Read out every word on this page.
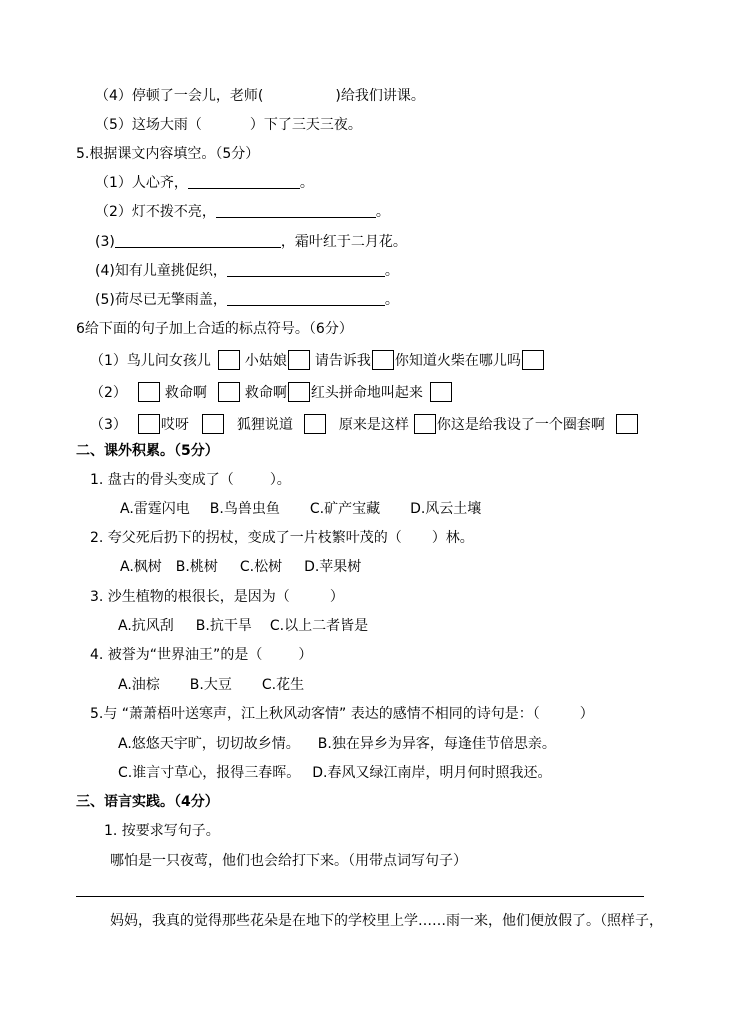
（4）停顿了一会儿，老师(	)给我们讲课。
（5）这场大雨（	）下了三天三夜。
5.根据课文内容填空。（5分）
（1）人心齐，	。
（2）灯不拨不亮，	。
(3)	，霜叶红于二月花。
(4)知有儿童挑促织，	。
(5)荷尽已无擎雨盖，	。
6给下面的句子加上合适的标点符号。（6分）
（1）鸟儿问女孩儿 小姑娘 请告诉我 你知道火柴在哪儿吗
（2）	救命啊	救命啊 红头拼命地叫起来
（3） 哎呀	狐狸说道	原来是这样 你这是给我设了一个圈套啊
二、课外积累。（5分）
1. 盘古的骨头变成了（	）。
A.雷霆闪电 B.鸟兽虫鱼 C.矿产宝藏 D.风云土壤
2. 夸父死后扔下的拐杖，变成了一片枝繁叶茂的（ ）林。
A.枫树 B.桃树 C.松树 D.苹果树
3. 沙生植物的根很长，是因为（	）
A.抗风刮 B.抗干旱 C.以上二者皆是
4. 被誉为“世界油王”的是（	）
A.油棕 B.大豆 C.花生
5.与 “萧萧梧叶送寒声，江上秋风动客情” 表达的感情不相同的诗句是：（	）
A.悠悠天宇旷，切切故乡情。 B.独在异乡为异客，每逢佳节倍思亲。
C.谁言寸草心，报得三春晖。 D.春风又绿江南岸，明月何时照我还。
三、语言实践。（4分）
1. 按要求写句子。
哪怕是一只夜莺，他们也会给打下来。（用带点词写句子）
妈妈，我真的觉得那些花朵是在地下的学校里上学……雨一来，他们便放假了。（照样子，
